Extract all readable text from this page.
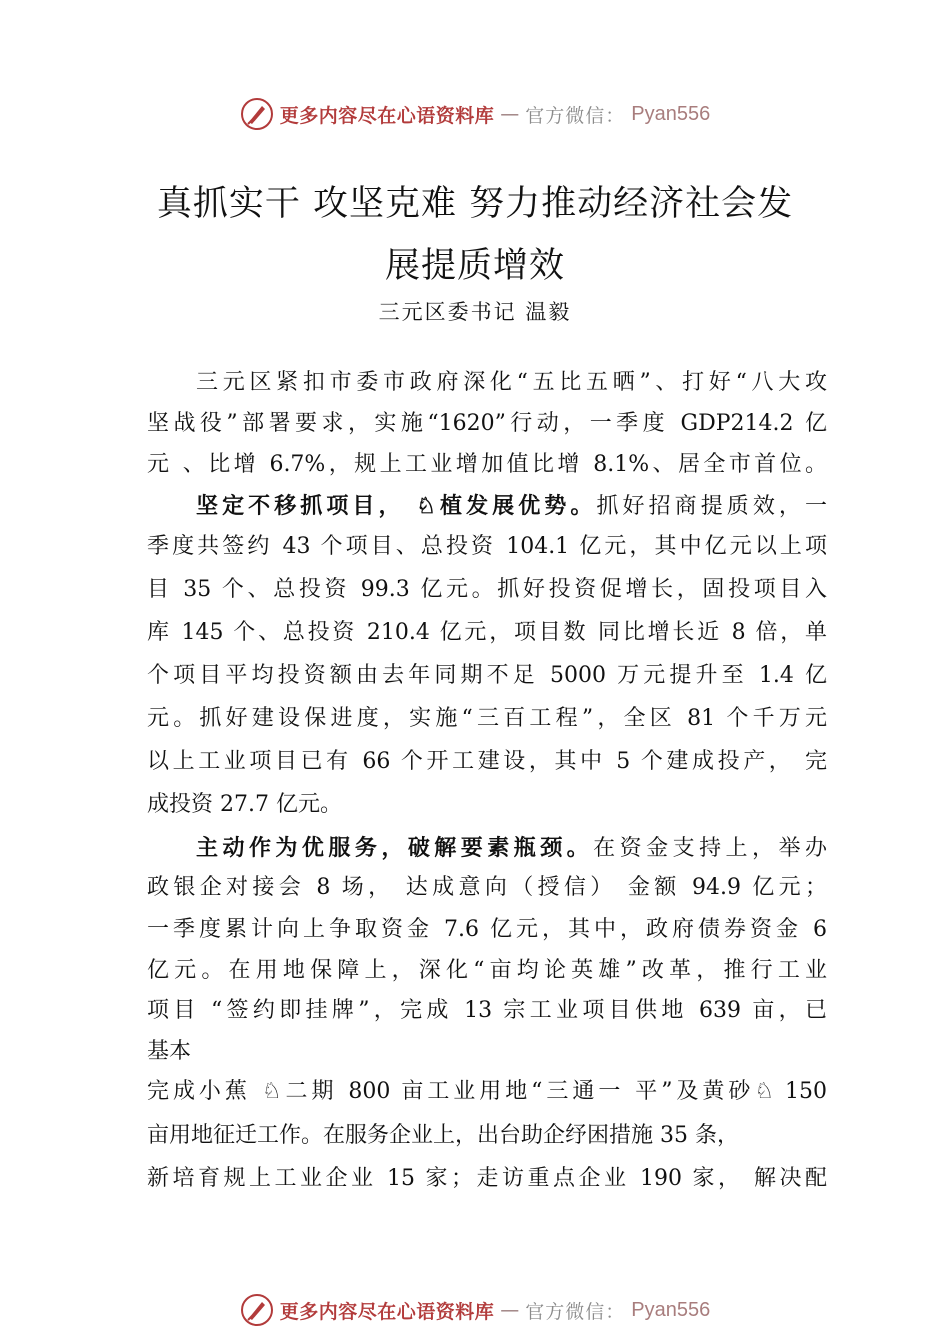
更多内容尽在心语资料库 — 官方微信： Pyan556
真抓实干 攻坚克难 努力推动经济社会发
展提质增效
三元区委书记 温毅
三元区紧扣市委市政府深化“五比五晒”、打好“八大攻
坚战役”部署要求，实施“1620”行动，一季度 GDP214.2 亿
元 、比增 6.7%，规上工业增加值比增 8.1%、居全市首位。
坚定不移抓项目， ♘植发展优势。抓好招商提质效，一
季度共签约 43 个项目、总投资 104.1 亿元，其中亿元以上项
目 35 个、总投资 99.3 亿元。抓好投资促增长，固投项目入
库 145 个、总投资 210.4 亿元，项目数 同比增长近 8 倍，单
个项目平均投资额由去年同期不足 5000 万元提升至 1.4 亿
元。抓好建设保进度，实施“三百工程”，全区 81 个千万元
以上工业项目已有 66 个开工建设，其中 5 个建成投产， 完
成投资 27.7 亿元。
主动作为优服务，破解要素瓶颈。在资金支持上，举办
政银企对接会 8 场， 达成意向（授信） 金额 94.9 亿元；
一季度累计向上争取资金 7.6 亿元，其中，政府债券资金 6
亿元。在用地保障上，深化“亩均论英雄”改革，推行工业
项目 “签约即挂牌”，完成 13 宗工业项目供地 639 亩，已
基本
完成小蕉 ♘二期 800 亩工业用地“三通一 平”及黄砂♘ 150
亩用地征迁工作。在服务企业上，出台助企纾困措施 35 条，
新培育规上工业企业 15 家；走访重点企业 190 家， 解决配
更多内容尽在心语资料库 — 官方微信： Pyan556
